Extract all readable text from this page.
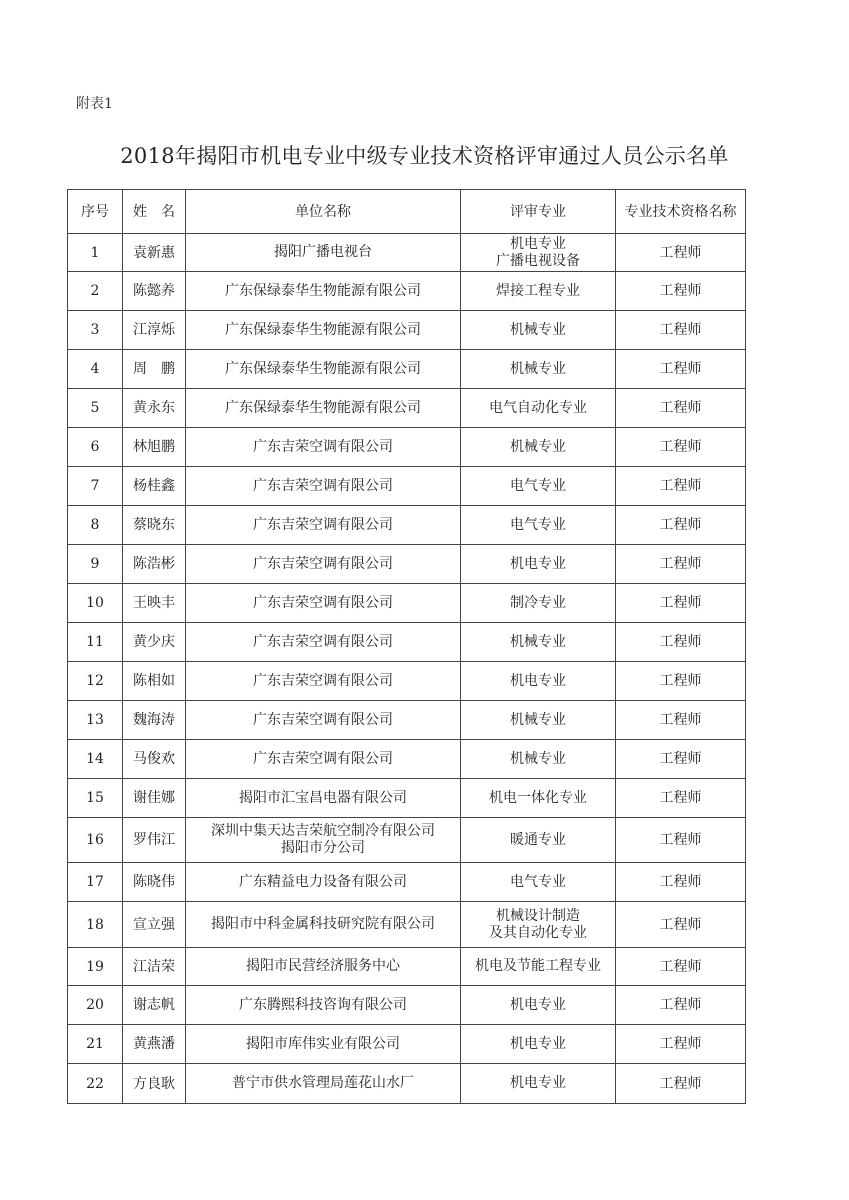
附表1
2018年揭阳市机电专业中级专业技术资格评审通过人员公示名单
序号	姓　名	单位名称	评审专业	专业技术资格名称
1	袁新惠	揭阳广播电视台	机电专业
广播电视设备	工程师
2	陈懿养	广东保绿泰华生物能源有限公司	焊接工程专业	工程师
3	江淳烁	广东保绿泰华生物能源有限公司	机械专业	工程师
4	周　鹏	广东保绿泰华生物能源有限公司	机械专业	工程师
5	黄永东	广东保绿泰华生物能源有限公司	电气自动化专业	工程师
6	林旭鹏	广东吉荣空调有限公司	机械专业	工程师
7	杨桂鑫	广东吉荣空调有限公司	电气专业	工程师
8	蔡晓东	广东吉荣空调有限公司	电气专业	工程师
9	陈浩彬	广东吉荣空调有限公司	机电专业	工程师
10	王映丰	广东吉荣空调有限公司	制冷专业	工程师
11	黄少庆	广东吉荣空调有限公司	机械专业	工程师
12	陈相如	广东吉荣空调有限公司	机电专业	工程师
13	魏海涛	广东吉荣空调有限公司	机械专业	工程师
14	马俊欢	广东吉荣空调有限公司	机械专业	工程师
15	谢佳娜	揭阳市汇宝昌电器有限公司	机电一体化专业	工程师
16	罗伟江	深圳中集天达吉荣航空制冷有限公司
揭阳市分公司	暖通专业	工程师
17	陈晓伟	广东精益电力设备有限公司	电气专业	工程师
18	宣立强	揭阳市中科金属科技研究院有限公司	机械设计制造
及其自动化专业	工程师
19	江洁荣	揭阳市民营经济服务中心	机电及节能工程专业	工程师
20	谢志帆	广东腾熙科技咨询有限公司	机电专业	工程师
21	黄燕潘	揭阳市库伟实业有限公司	机电专业	工程师
22	方良耿	普宁市供水管理局莲花山水厂	机电专业	工程师
